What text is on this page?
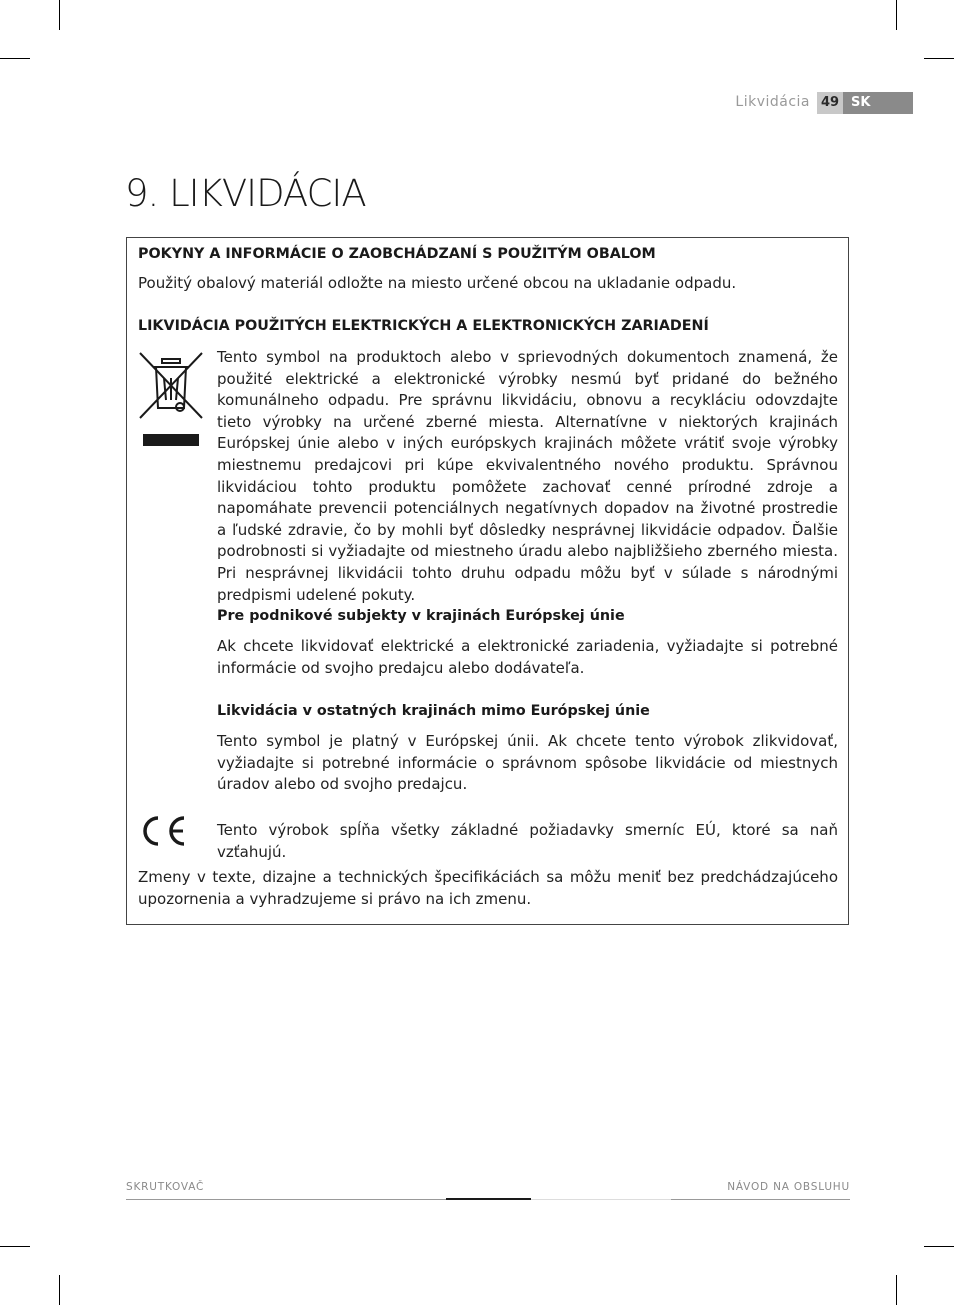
Likvidácia 49 SK
9. LIKVIDÁCIA
POKYNY A INFORMÁCIE O ZAOBCHÁDZANÍ S POUŽITÝM OBALOM
Použitý obalový materiál odložte na miesto určené obcou na ukladanie odpadu.
LIKVIDÁCIA POUŽITÝCH ELEKTRICKÝCH A ELEKTRONICKÝCH ZARIADENÍ
Tento symbol na produktoch alebo v sprievodných dokumentoch znamená, že použité elektrické a elektronické výrobky nesmú byť pridané do bežného komunálneho odpadu. Pre správnu likvidáciu, obnovu a recykláciu odovzdajte tieto výrobky na určené zberné miesta. Alternatívne v niektorých krajinách Európskej únie alebo v iných európskych krajinách môžete vrátiť svoje výrobky miestnemu predajcovi pri kúpe ekvivalentného nového produktu. Správnou likvidáciou tohto produktu pomôžete zachovať cenné prírodné zdroje a napomáhate prevencii potenciálnych negatívnych dopadov na životné prostredie a ľudské zdravie, čo by mohli byť dôsledky nesprávnej likvidácie odpadov. Ďalšie podrobnosti si vyžiadajte od miestneho úradu alebo najbližšieho zberného miesta. Pri nesprávnej likvidácii tohto druhu odpadu môžu byť v súlade s národnými predpismi udelené pokuty.
Pre podnikové subjekty v krajinách Európskej únie
Ak chcete likvidovať elektrické a elektronické zariadenia, vyžiadajte si potrebné informácie od svojho predajcu alebo dodávateľa.
Likvidácia v ostatných krajinách mimo Európskej únie
Tento symbol je platný v Európskej únii. Ak chcete tento výrobok zlikvidovať, vyžiadajte si potrebné informácie o správnom spôsobe likvidácie od miestnych úradov alebo od svojho predajcu.
Tento výrobok spĺňa všetky základné požiadavky smerníc EÚ, ktoré sa naň vzťahujú.
Zmeny v texte, dizajne a technických špecifikáciách sa môžu meniť bez predchádzajúceho upozornenia a vyhradzujeme si právo na ich zmenu.
SKRUTKOVAČ	NÁVOD NA OBSLUHU
